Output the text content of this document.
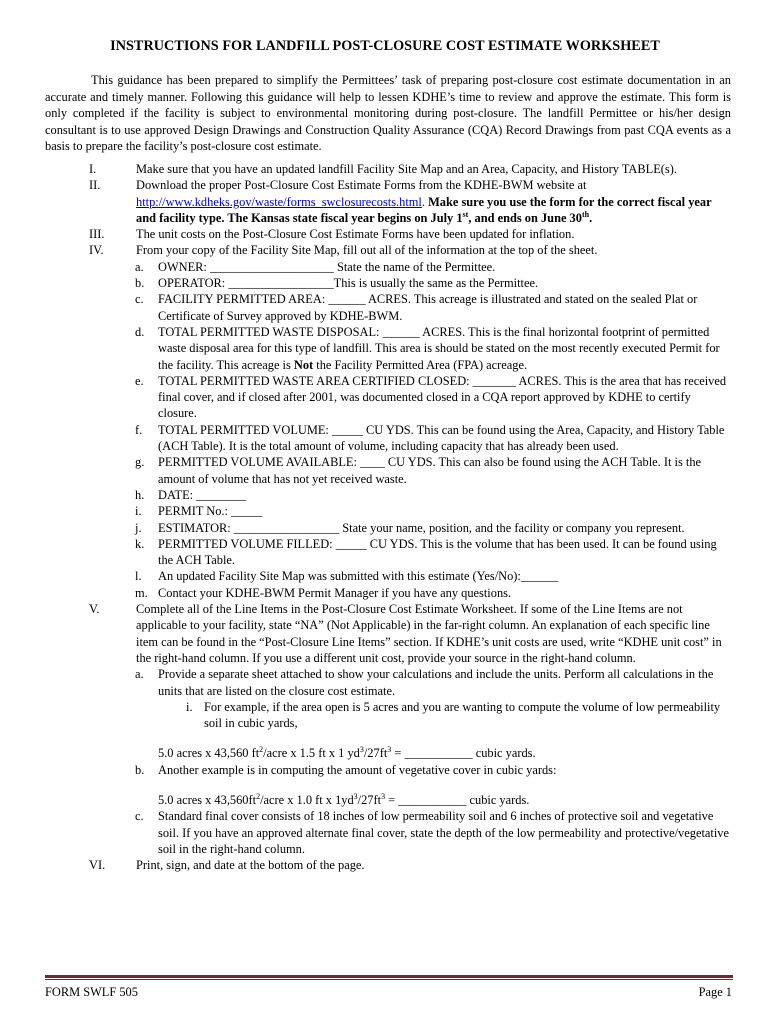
INSTRUCTIONS FOR LANDFILL POST-CLOSURE COST ESTIMATE WORKSHEET

This guidance has been prepared to simplify the Permittees’ task of preparing post-closure cost estimate documentation in an accurate and timely manner. Following this guidance will help to lessen KDHE’s time to review and approve the estimate. This form is only completed if the facility is subject to environmental monitoring during post-closure. The landfill Permittee or his/her design consultant is to use approved Design Drawings and Construction Quality Assurance (CQA) Record Drawings from past CQA events as a basis to prepare the facility’s post-closure cost estimate.

I.	Make sure that you have an updated landfill Facility Site Map and an Area, Capacity, and History TABLE(s).
II.	Download the proper Post-Closure Cost Estimate Forms from the KDHE-BWM website at http://www.kdheks.gov/waste/forms_swclosurecosts.html. Make sure you use the form for the correct fiscal year and facility type. The Kansas state fiscal year begins on July 1st, and ends on June 30th.
III.	The unit costs on the Post-Closure Cost Estimate Forms have been updated for inflation.
IV.	From your copy of the Facility Site Map, fill out all of the information at the top of the sheet.
a. OWNER: ____________________ State the name of the Permittee.
b. OPERATOR: _________________This is usually the same as the Permittee.
c. FACILITY PERMITTED AREA: ______ ACRES. This acreage is illustrated and stated on the sealed Plat or Certificate of Survey approved by KDHE-BWM.
d. TOTAL PERMITTED WASTE DISPOSAL: ______ ACRES. This is the final horizontal footprint of permitted waste disposal area for this type of landfill. This area is should be stated on the most recently executed Permit for the facility. This acreage is Not the Facility Permitted Area (FPA) acreage.
e. TOTAL PERMITTED WASTE AREA CERTIFIED CLOSED: _______ ACRES. This is the area that has received final cover, and if closed after 2001, was documented closed in a CQA report approved by KDHE to certify closure.
f. TOTAL PERMITTED VOLUME: _____ CU YDS. This can be found using the Area, Capacity, and History Table (ACH Table). It is the total amount of volume, including capacity that has already been used.
g. PERMITTED VOLUME AVAILABLE: ____ CU YDS. This can also be found using the ACH Table. It is the amount of volume that has not yet received waste.
h. DATE: ________
i. PERMIT No.: _____
j. ESTIMATOR: _________________ State your name, position, and the facility or company you represent.
k. PERMITTED VOLUME FILLED: _____ CU YDS. This is the volume that has been used. It can be found using the ACH Table.
l. An updated Facility Site Map was submitted with this estimate (Yes/No):______
m. Contact your KDHE-BWM Permit Manager if you have any questions.
V.	Complete all of the Line Items in the Post-Closure Cost Estimate Worksheet. If some of the Line Items are not applicable to your facility, state “NA” (Not Applicable) in the far-right column. An explanation of each specific line item can be found in the “Post-Closure Line Items” section. If KDHE’s unit costs are used, write “KDHE unit cost” in the right-hand column. If you use a different unit cost, provide your source in the right-hand column.
a. Provide a separate sheet attached to show your calculations and include the units. Perform all calculations in the units that are listed on the closure cost estimate.
i. For example, if the area open is 5 acres and you are wanting to compute the volume of low permeability soil in cubic yards,
5.0 acres x 43,560 $ft^2$/acre x 1.5 ft x 1 $yd^3/27ft^3$ = ___________ cubic yards.
b. Another example is in computing the amount of vegetative cover in cubic yards:
5.0 acres x $43,560ft^2$/acre x 1.0 ft x $1yd^3/27ft^3$ = ___________ cubic yards.
c. Standard final cover consists of 18 inches of low permeability soil and 6 inches of protective soil and vegetative soil. If you have an approved alternate final cover, state the depth of the low permeability and protective/vegetative soil in the right-hand column.
VI. Print, sign, and date at the bottom of the page.
FORM SWLF 505	Page 1
